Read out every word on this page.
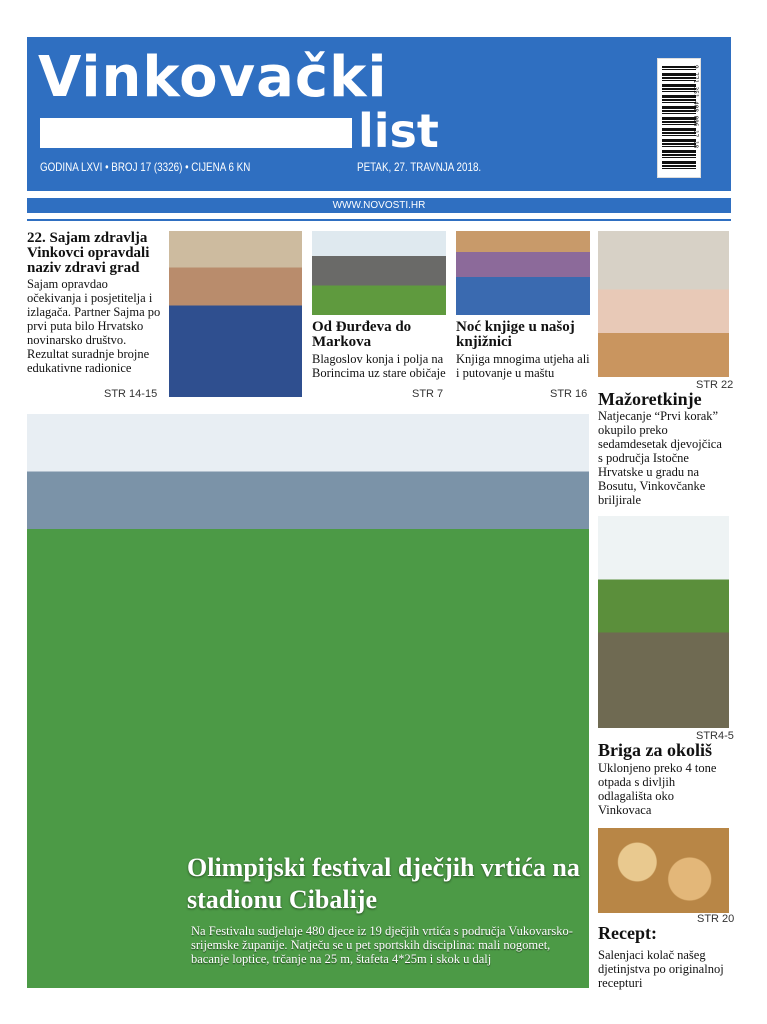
Vinkovački
list
GODINA LXVI • BROJ 17 (3326) • CIJENA 6 KN	PETAK, 27. TRAVNJA 2018.
9 771 351 408 006 17 18
WWW.NOVOSTI.HR
22. Sajam zdravlja Vinkovci opravdali naziv zdravi grad
Sajam opravdao očekivanja i posjetitelja i izlagača. Partner Sajma po prvi puta bilo Hrvatsko novinarsko društvo. Rezultat suradnje brojne edukativne radionice
STR 14-15
Od Đurđeva do Markova
Blagoslov konja i polja na Borincima uz stare običaje
STR 7
Noć knjige u našoj knjižnici
Knjiga mnogima utjeha ali i putovanje u maštu
STR 16
STR 22
Mažoretkinje
Natjecanje “Prvi korak” okupilo preko sedamdesetak djevojčica s područja Istočne Hrvatske u gradu na Bosutu, Vinkovčanke briljirale
STR4-5
Briga za okoliš
Uklonjeno preko 4 tone otpada s divljih odlagališta oko Vinkovaca
STR 20
Recept:
Salenjaci kolač našeg djetinjstva po originalnoj recepturi
Olimpijski festival dječjih vrtića na stadionu Cibalije
Na Festivalu sudjeluje 480 djece iz 19 dječjih vrtića s područja Vukovarsko-srijemske županije. Natječu se u pet sportskih disciplina: mali nogomet, bacanje loptice, trčanje na 25 m, štafeta 4*25m i skok u dalj
